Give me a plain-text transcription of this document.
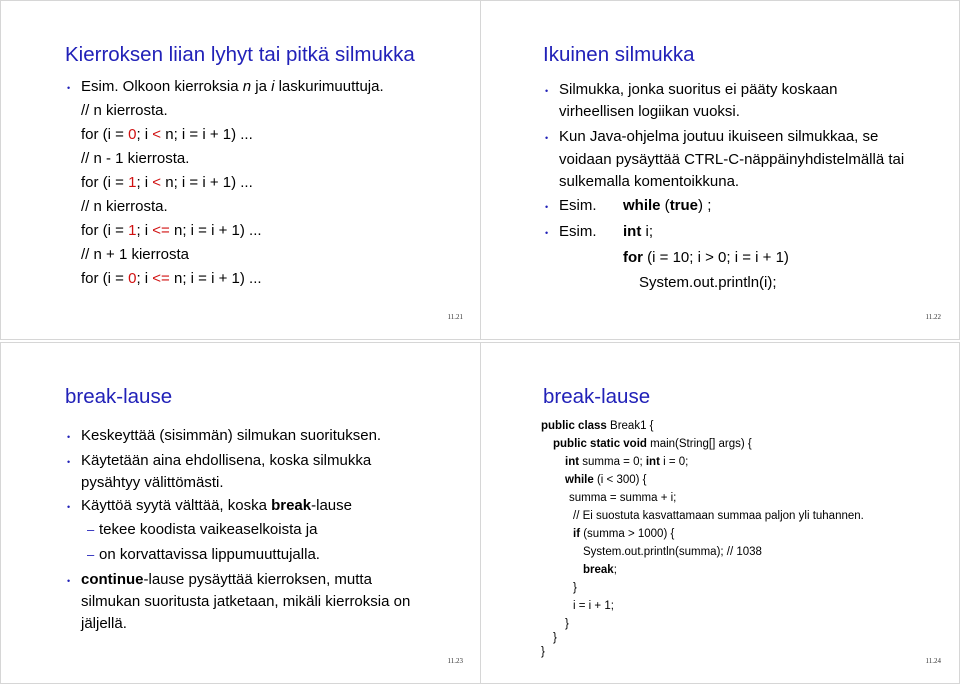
Kierroksen liian lyhyt tai pitkä silmukka
• Esim. Olkoon kierroksia n ja i laskurimuuttuja.
// n kierrosta.
for (i = 0; i < n; i = i + 1) ...
// n - 1 kierrosta.
for (i = 1; i < n; i = i + 1) ...
// n kierrosta.
for (i = 1; i <= n; i = i + 1) ...
// n + 1 kierrosta
for (i = 0; i <= n; i = i + 1) ...
11.21
Ikuinen silmukka
• Silmukka, jonka suoritus ei pääty koskaan
virheellisen logiikan vuoksi.
• Kun Java-ohjelma joutuu ikuiseen silmukkaa, se
voidaan pysäyttää CTRL-C-näppäinyhdistelmällä tai
sulkemalla komentoikkuna.
• Esim. while (true) ;
• Esim. int i;
for (i = 10; i > 0; i = i + 1)
System.out.println(i);
11.22
break-lause
• Keskeyttää (sisimmän) silmukan suorituksen.
• Käytetään aina ehdollisena, koska silmukka
pysähtyy välittömästi.
• Käyttöä syytä välttää, koska break-lause
– tekee koodista vaikeaselkoista ja
– on korvattavissa lippumuuttujalla.
• continue-lause pysäyttää kierroksen, mutta
silmukan suoritusta jatketaan, mikäli kierroksia on
jäljellä.
11.23
break-lause
public class Break1 {
public static void main(String[] args) {
int summa = 0; int i = 0;
while (i < 300) {
summa = summa + i;
// Ei suostuta kasvattamaan summaa paljon yli tuhannen.
if (summa > 1000) {
System.out.println(summa); // 1038
break;
}
i = i + 1;
}
}
}
11.24
